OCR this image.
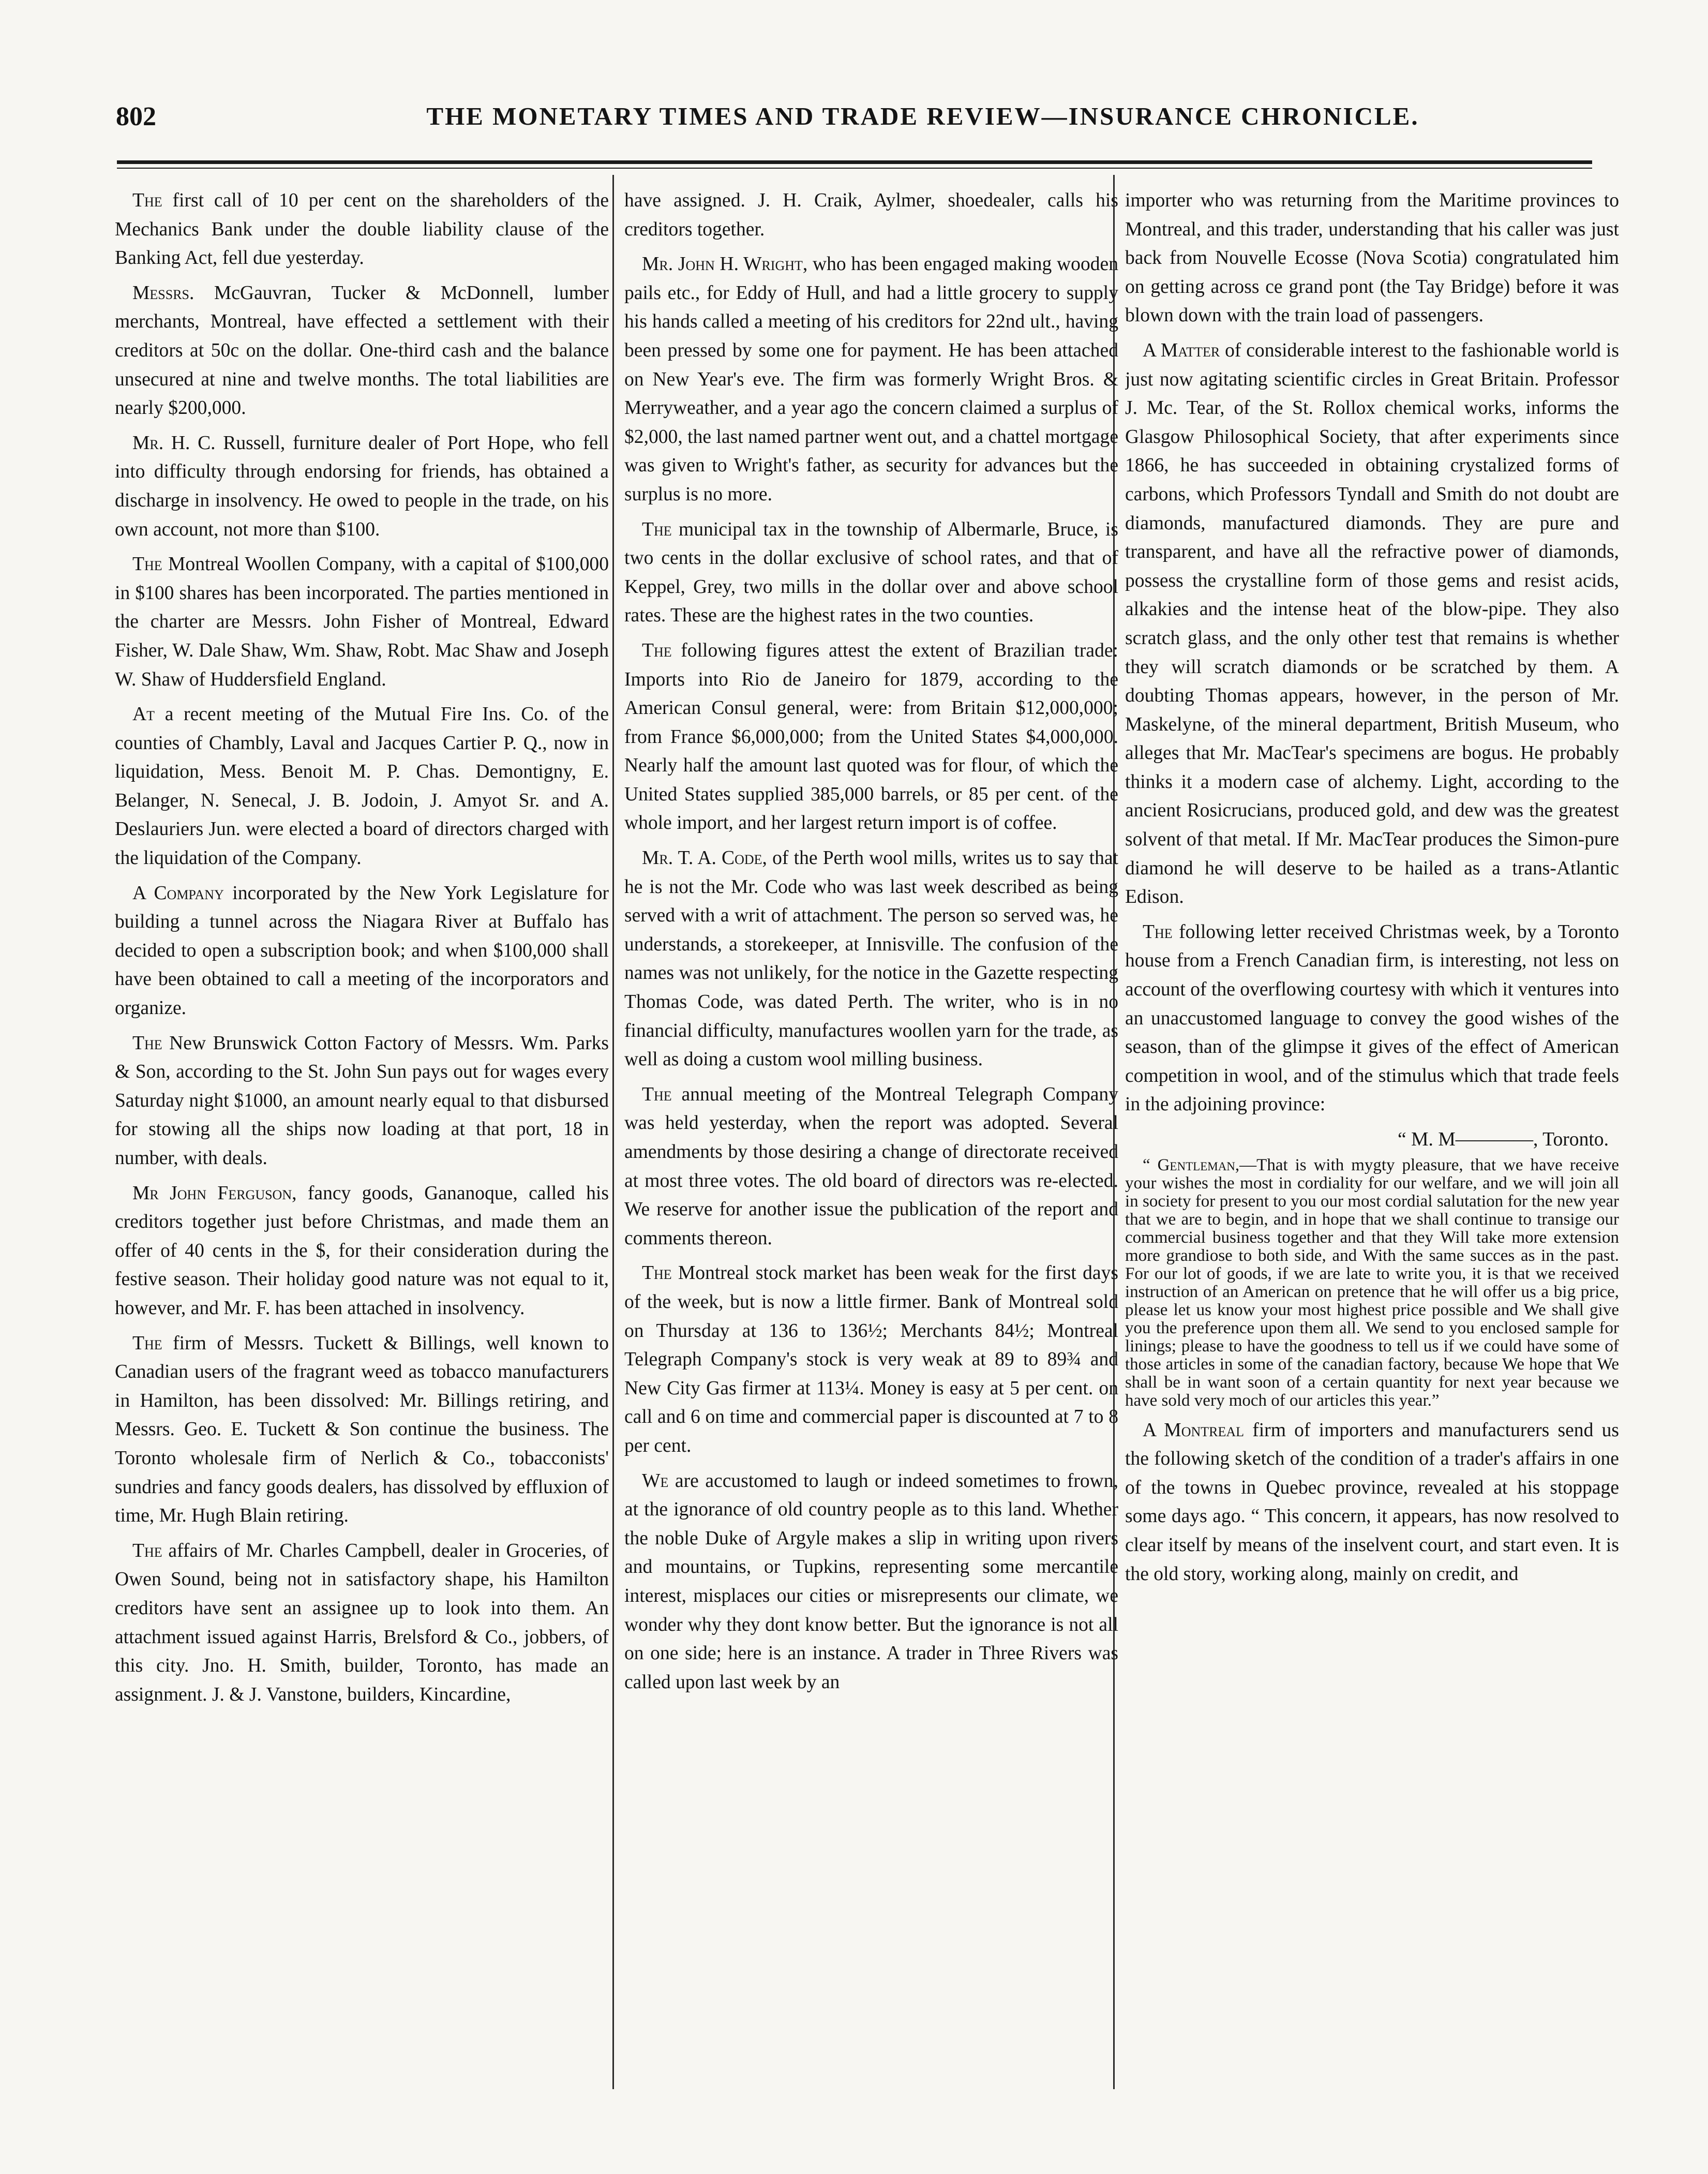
802	THE MONETARY TIMES AND TRADE REVIEW—INSURANCE CHRONICLE.

The first call of 10 per cent on the shareholders of the Mechanics Bank under the double liability clause of the Banking Act, fell due yesterday.

Messrs. McGauvran, Tucker & McDonnell, lumber merchants, Montreal, have effected a settlement with their creditors at 50c on the dollar. One-third cash and the balance unsecured at nine and twelve months. The total liabilities are nearly $200,000.

Mr. H. C. Russell, furniture dealer of Port Hope, who fell into difficulty through endorsing for friends, has obtained a discharge in insolvency. He owed to people in the trade, on his own account, not more than $100.

The Montreal Woollen Company, with a capital of $100,000 in $100 shares has been incorporated. The parties mentioned in the charter are Messrs. John Fisher of Montreal, Edward Fisher, W. Dale Shaw, Wm. Shaw, Robt. Mac Shaw and Joseph W. Shaw of Huddersfield England.

At a recent meeting of the Mutual Fire Ins. Co. of the counties of Chambly, Laval and Jacques Cartier P. Q., now in liquidation, Mess. Benoit M. P. Chas. Demontigny, E. Belanger, N. Senecal, J. B. Jodoin, J. Amyot Sr. and A. Deslauriers Jun. were elected a board of directors charged with the liquidation of the Company.

A Company incorporated by the New York Legislature for building a tunnel across the Niagara River at Buffalo has decided to open a subscription book; and when $100,000 shall have been obtained to call a meeting of the incorporators and organize.

The New Brunswick Cotton Factory of Messrs. Wm. Parks & Son, according to the St. John Sun pays out for wages every Saturday night $1000, an amount nearly equal to that disbursed for stowing all the ships now loading at that port, 18 in number, with deals.

Mr John Ferguson, fancy goods, Gananoque, called his creditors together just before Christmas, and made them an offer of 40 cents in the $, for their consideration during the festive season. Their holiday good nature was not equal to it, however, and Mr. F. has been attached in insolvency.

The firm of Messrs. Tuckett & Billings, well known to Canadian users of the fragrant weed as tobacco manufacturers in Hamilton, has been dissolved: Mr. Billings retiring, and Messrs. Geo. E. Tuckett & Son continue the business. The Toronto wholesale firm of Nerlich & Co., tobacconists' sundries and fancy goods dealers, has dissolved by effluxion of time, Mr. Hugh Blain retiring.

The affairs of Mr. Charles Campbell, dealer in Groceries, of Owen Sound, being not in satisfactory shape, his Hamilton creditors have sent an assignee up to look into them. An attachment issued against Harris, Brelsford & Co., jobbers, of this city. Jno. H. Smith, builder, Toronto, has made an assignment. J. & J. Vanstone, builders, Kincardine,

have assigned. J. H. Craik, Aylmer, shoedealer, calls his creditors together.

Mr. John H. Wright, who has been engaged making wooden pails etc., for Eddy of Hull, and had a little grocery to supply his hands called a meeting of his creditors for 22nd ult., having been pressed by some one for payment. He has been attached on New Year's eve. The firm was formerly Wright Bros. & Merryweather, and a year ago the concern claimed a surplus of $2,000, the last named partner went out, and a chattel mortgage was given to Wright's father, as security for advances but the surplus is no more.

The municipal tax in the township of Albermarle, Bruce, is two cents in the dollar exclusive of school rates, and that of Keppel, Grey, two mills in the dollar over and above school rates. These are the highest rates in the two counties.

The following figures attest the extent of Brazilian trade: Imports into Rio de Janeiro for 1879, according to the American Consul general, were: from Britain $12,000,000; from France $6,000,000; from the United States $4,000,000. Nearly half the amount last quoted was for flour, of which the United States supplied 385,000 barrels, or 85 per cent. of the whole import, and her largest return import is of coffee.

Mr. T. A. Code, of the Perth wool mills, writes us to say that he is not the Mr. Code who was last week described as being served with a writ of attachment. The person so served was, he understands, a storekeeper, at Innisville. The confusion of the names was not unlikely, for the notice in the Gazette respecting Thomas Code, was dated Perth. The writer, who is in no financial difficulty, manufactures woollen yarn for the trade, as well as doing a custom wool milling business.

The annual meeting of the Montreal Telegraph Company was held yesterday, when the report was adopted. Several amendments by those desiring a change of directorate received at most three votes. The old board of directors was re-elected. We reserve for another issue the publication of the report and comments thereon.

The Montreal stock market has been weak for the first days of the week, but is now a little firmer. Bank of Montreal sold on Thursday at 136 to 136½; Merchants 84½; Montreal Telegraph Company's stock is very weak at 89 to 89¾ and New City Gas firmer at 113¼. Money is easy at 5 per cent. on call and 6 on time and commercial paper is discounted at 7 to 8 per cent.

We are accustomed to laugh or indeed sometimes to frown, at the ignorance of old country people as to this land. Whether the noble Duke of Argyle makes a slip in writing upon rivers and mountains, or Tupkins, representing some mercantile interest, misplaces our cities or misrepresents our climate, we wonder why they dont know better. But the ignorance is not all on one side; here is an instance. A trader in Three Rivers was called upon last week by an

importer who was returning from the Maritime provinces to Montreal, and this trader, understanding that his caller was just back from Nouvelle Ecosse (Nova Scotia) congratulated him on getting across ce grand pont (the Tay Bridge) before it was blown down with the train load of passengers.

A Matter of considerable interest to the fashionable world is just now agitating scientific circles in Great Britain. Professor J. Mc. Tear, of the St. Rollox chemical works, informs the Glasgow Philosophical Society, that after experiments since 1866, he has succeeded in obtaining crystalized forms of carbons, which Professors Tyndall and Smith do not doubt are diamonds, manufactured diamonds. They are pure and transparent, and have all the refractive power of diamonds, possess the crystalline form of those gems and resist acids, alkakies and the intense heat of the blow-pipe. They also scratch glass, and the only other test that remains is whether they will scratch diamonds or be scratched by them. A doubting Thomas appears, however, in the person of Mr. Maskelyne, of the mineral department, British Museum, who alleges that Mr. MacTear's specimens are bogus. He probably thinks it a modern case of alchemy. Light, according to the ancient Rosicrucians, produced gold, and dew was the greatest solvent of that metal. If Mr. MacTear produces the Simon-pure diamond he will deserve to be hailed as a trans-Atlantic Edison.

The following letter received Christmas week, by a Toronto house from a French Canadian firm, is interesting, not less on account of the overflowing courtesy with which it ventures into an unaccustomed language to convey the good wishes of the season, than of the glimpse it gives of the effect of American competition in wool, and of the stimulus which that trade feels in the adjoining province:

“ M. M————, Toronto.

“ Gentleman,—That is with mygty pleasure, that we have receive your wishes the most in cordiality for our welfare, and we will join all in society for present to you our most cordial salutation for the new year that we are to begin, and in hope that we shall continue to transige our commercial business together and that they Will take more extension more grandiose to both side, and With the same succes as in the past. For our lot of goods, if we are late to write you, it is that we received instruction of an American on pretence that he will offer us a big price, please let us know your most highest price possible and We shall give you the preference upon them all. We send to you enclosed sample for linings; please to have the goodness to tell us if we could have some of those articles in some of the canadian factory, because We hope that We shall be in want soon of a certain quantity for next year because we have sold very moch of our articles this year.”

A Montreal firm of importers and manufacturers send us the following sketch of the condition of a trader's affairs in one of the towns in Quebec province, revealed at his stoppage some days ago. “ This concern, it appears, has now resolved to clear itself by means of the inselvent court, and start even. It is the old story, working along, mainly on credit, and
